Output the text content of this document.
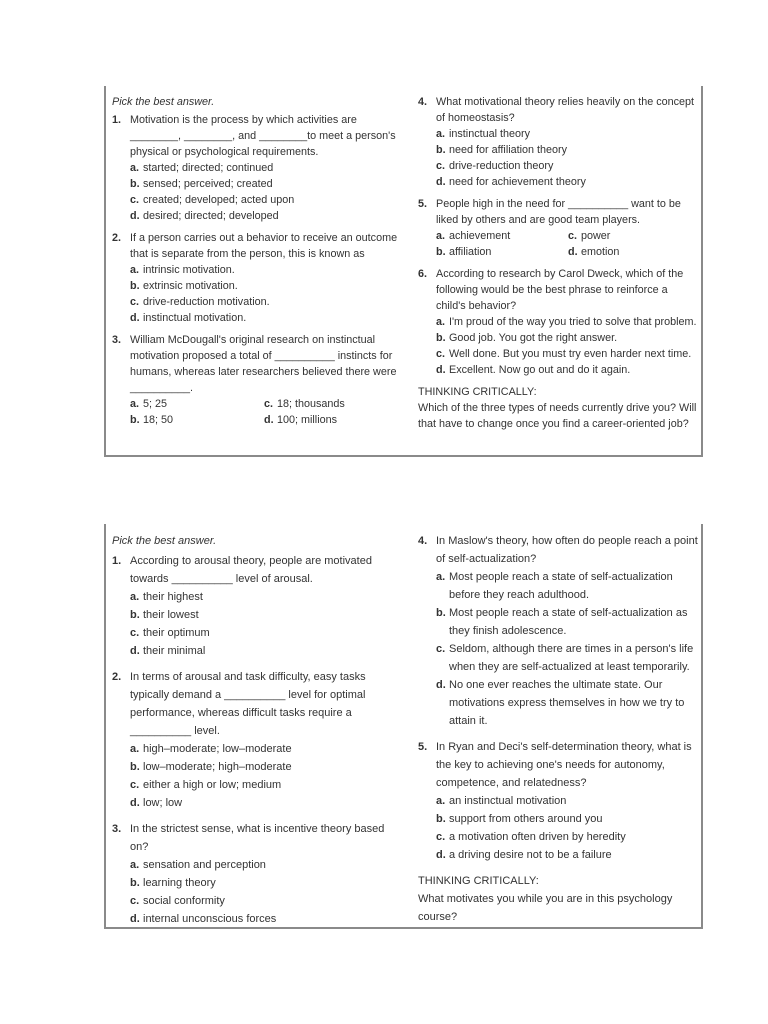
Pick the best answer.
1. Motivation is the process by which activities are ________, ________, and ________to meet a person's physical or psychological requirements.
a. started; directed; continued
b. sensed; perceived; created
c. created; developed; acted upon
d. desired; directed; developed
2. If a person carries out a behavior to receive an outcome that is separate from the person, this is known as
a. intrinsic motivation.
b. extrinsic motivation.
c. drive-reduction motivation.
d. instinctual motivation.
3. William McDougall's original research on instinctual motivation proposed a total of __________ instincts for humans, whereas later researchers believed there were __________.
a. 5; 25	c. 18; thousands
b. 18; 50	d. 100; millions
4. What motivational theory relies heavily on the concept of homeostasis?
a. instinctual theory
b. need for affiliation theory
c. drive-reduction theory
d. need for achievement theory
5. People high in the need for __________ want to be liked by others and are good team players.
a. achievement	c. power
b. affiliation	d. emotion
6. According to research by Carol Dweck, which of the following would be the best phrase to reinforce a child's behavior?
a. I'm proud of the way you tried to solve that problem.
b. Good job. You got the right answer.
c. Well done. But you must try even harder next time.
d. Excellent. Now go out and do it again.
THINKING CRITICALLY:
Which of the three types of needs currently drive you? Will that have to change once you find a career-oriented job?
Pick the best answer.
1. According to arousal theory, people are motivated towards __________ level of arousal.
a. their highest
b. their lowest
c. their optimum
d. their minimal
2. In terms of arousal and task difficulty, easy tasks typically demand a __________ level for optimal performance, whereas difficult tasks require a __________ level.
a. high–moderate; low–moderate
b. low–moderate; high–moderate
c. either a high or low; medium
d. low; low
3. In the strictest sense, what is incentive theory based on?
a. sensation and perception
b. learning theory
c. social conformity
d. internal unconscious forces
4. In Maslow's theory, how often do people reach a point of self-actualization?
a. Most people reach a state of self-actualization before they reach adulthood.
b. Most people reach a state of self-actualization as they finish adolescence.
c. Seldom, although there are times in a person's life when they are self-actualized at least temporarily.
d. No one ever reaches the ultimate state. Our motivations express themselves in how we try to attain it.
5. In Ryan and Deci's self-determination theory, what is the key to achieving one's needs for autonomy, competence, and relatedness?
a. an instinctual motivation
b. support from others around you
c. a motivation often driven by heredity
d. a driving desire not to be a failure
THINKING CRITICALLY:
What motivates you while you are in this psychology course?
